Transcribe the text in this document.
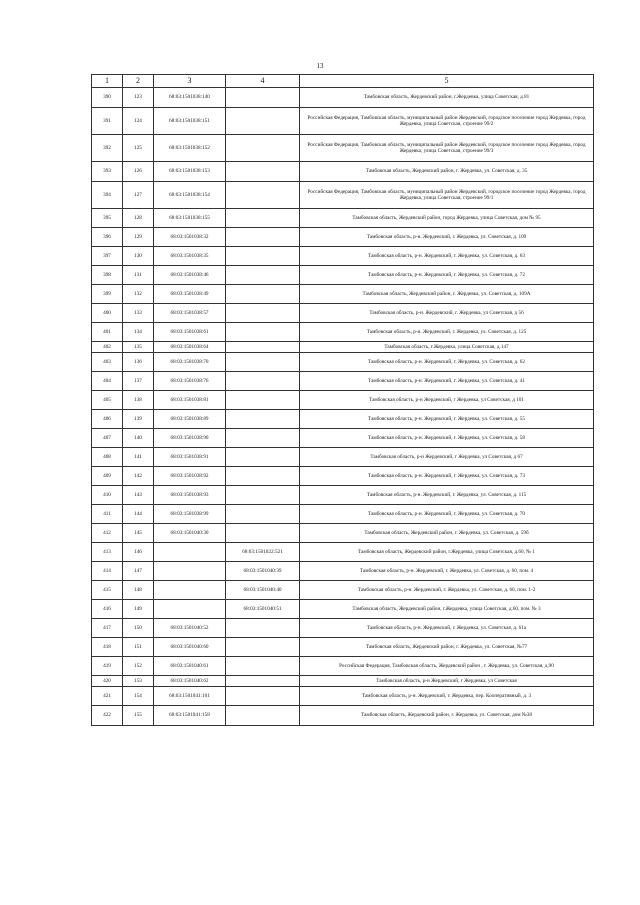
13
1	2	3	4	5
390	123	68:03:1501038:140		Тамбовская область, Жердевский район, г.Жердевка, улица Советская, д.81
391	124	68:03:1501038:151		Российская Федерация, Тамбовская область, муниципальный район Жердевский, городское поселение город Жердевка, город Жердевка, улица Советская, строение 99/2
392	125	68:03:1501038:152		Российская Федерация, Тамбовская область, муниципальный район Жердевский, городское поселение город Жердевка, город Жердевка, улица Советская, строение 99/3
393	126	68:03:1501038:153		Тамбовская область, Жердевский район, г. Жердевка, ул. Советская, д. 35
394	127	68:03:1501038:154		Российская Федерация, Тамбовская область, муниципальный район Жердевский, городское поселение город Жердевка, город Жердевка, улица Советская, строение 99/1
395	128	68:03:1501038:155		Тамбовская область, Жердевский район, город Жердевка, улица Советская, дом № 95
396	129	68:03:1501038:32		Тамбовская область, р-н. Жердевский, г. Жердевка, ул. Советская, д. 109
397	130	68:03:1501038:35		Тамбовская область, р-н. Жердевский, г. Жердевка, ул. Советская, д. 63
398	131	68:03:1501038:46		Тамбовская область, р-н. Жердевский, г. Жердевка, ул. Советская, д. 72
399	132	68:03:1501038:49		Тамбовская область, Жердевский район, г. Жердевка, ул. Советская, д. 109А
400	133	68:03:1501038:57		Тамбовская область, р-н. Жердевский, г. Жердевка, ул Советская, д 56
401	134	68:03:1501038:61		Тамбовская область, р-н. Жердевский, г. Жердевка, ул. Советская, д. 125
402	135	68:03:1501038:64		Тамбовская область, г.Жердевка, улица Советская, д.147
403	136	68:03:1501038:70		Тамбовская область, р-н. Жердевский, г. Жердевка, ул. Советская, д. 62
404	137	68:03:1501038:76		Тамбовская область, р-н. Жердевский, г. Жердевка, ул. Советская, д. 41
405	138	68:03:1501038:81		Тамбовская область, р-н Жердевский, г Жердевка, ул Советская, д 101
406	139	68:03:1501038:89		Тамбовская область, р-н. Жердевский, г. Жердевка, ул. Советская, д. 55
407	140	68:03:1501038:90		Тамбовская область, р-н. Жердевский, г. Жердевка, ул. Советская, д. 58
408	141	68:03:1501038:91		Тамбовская область, р-н Жердевский, г Жердевка, ул Советская, д 67
409	142	68:03:1501038:92		Тамбовская область, р-н. Жердевский, г. Жердевка, ул. Советская, д. 73
410	143	68:03:1501038:93		Тамбовская область, р-н. Жердевский, г. Жердевка, ул. Советская, д. 115
411	144	68:03:1501038:99		Тамбовская область, р-н. Жердевский, г. Жердевка, ул. Советская, д. 70
412	145	68:03:1501040:30		Тамбовская область, Жердевский район, г. Жердевка, ул. Советская, д. 59б
413	146		68:03:1501022:521	Тамбовская область, Жердевский район, г.Жердевка, улица Советская, д.60, № 1
414	147		68:03:1501040:39	Тамбовская область, р-н. Жердевский, г. Жердевка, ул. Советская, д. 60, пом. 4
415	148		68:03:1501040:40	Тамбовская область, р-н. Жердевский, г. Жердевка, ул. Советская, д. 60, пом. 1-2
416	149		68:03:1501040:51	Тамбовская область, Жердевский район, г.Жердевка, улица Советская, д.60, пом. № 3
417	150	68:03:1501040:52		Тамбовская область, р-н. Жердевский, г. Жердевка, ул. Советская, д. 61а
418	151	68:03:1501040:60		Тамбовская область, Жердевский район, г. Жердевка, ул. Советская, №77
419	152	68:03:1501040:61		Российская Федерация, Тамбовская область, Жердевский район , г. Жердевка, ул. Советская, д.90
420	153	68:03:1501040:62		Тамбовская область, р-н Жердевский, г Жердевка, ул Советская
421	154	68:03:1501041:101		Тамбовская область, р-н. Жердевский, г. Жердевка, пер. Кооперативный, д. 3
422	155	68:03:1501041:158		Тамбовская область, Жердевский район, г. Жердевка, ул. Советская, дом №38
